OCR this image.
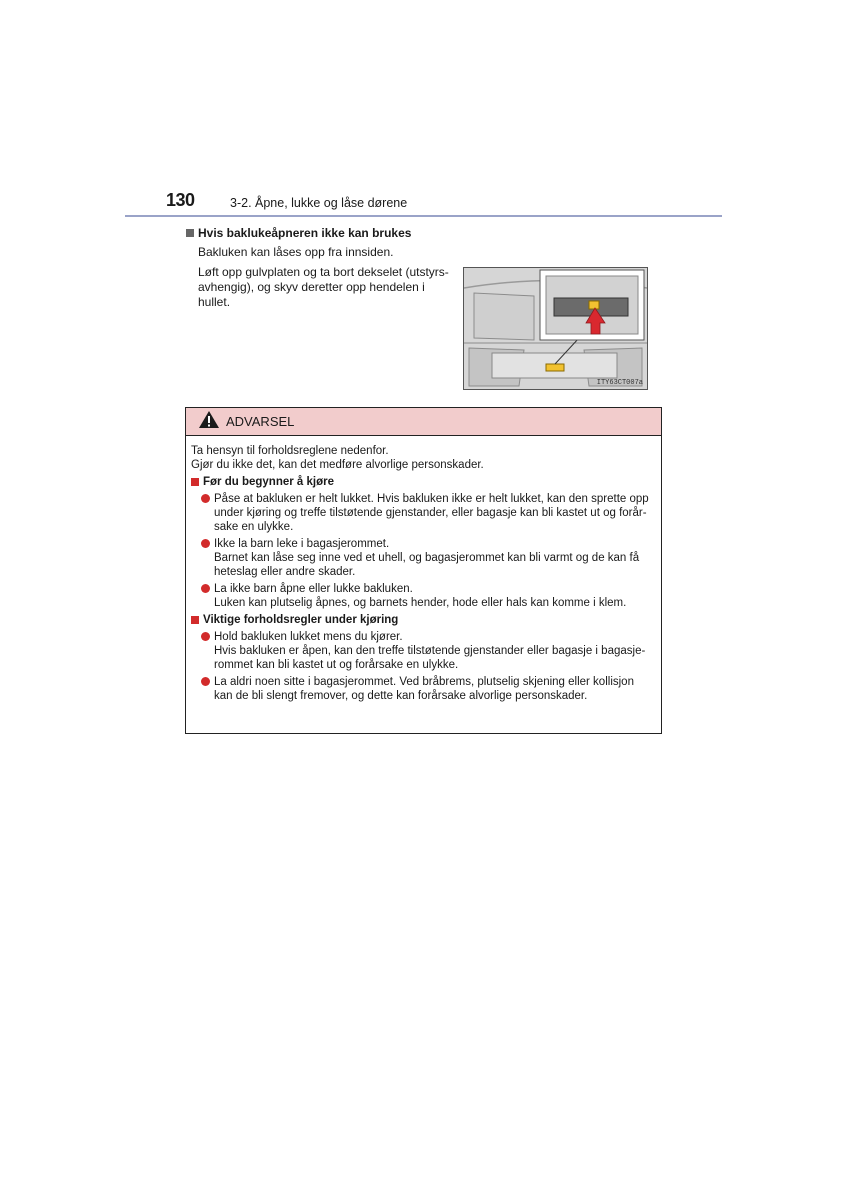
130	3-2. Åpne, lukke og låse dørene
Hvis baklukeåpneren ikke kan brukes
Bakluken kan låses opp fra innsiden.
Løft opp gulvplaten og ta bort dekselet (utstyrs-
avhengig), og skyv deretter opp hendelen i hullet.
ITY63CT007a
ADVARSEL
Ta hensyn til forholdsreglene nedenfor.
Gjør du ikke det, kan det medføre alvorlige personskader.
Før du begynner å kjøre
Påse at bakluken er helt lukket. Hvis bakluken ikke er helt lukket, kan den sprette opp
under kjøring og treffe tilstøtende gjenstander, eller bagasje kan bli kastet ut og forår-
sake en ulykke.
Ikke la barn leke i bagasjerommet.
Barnet kan låse seg inne ved et uhell, og bagasjerommet kan bli varmt og de kan få
heteslag eller andre skader.
La ikke barn åpne eller lukke bakluken.
Luken kan plutselig åpnes, og barnets hender, hode eller hals kan komme i klem.
Viktige forholdsregler under kjøring
Hold bakluken lukket mens du kjører.
Hvis bakluken er åpen, kan den treffe tilstøtende gjenstander eller bagasje i bagasje-
rommet kan bli kastet ut og forårsake en ulykke.
La aldri noen sitte i bagasjerommet. Ved bråbrems, plutselig skjening eller kollisjon
kan de bli slengt fremover, og dette kan forårsake alvorlige personskader.
